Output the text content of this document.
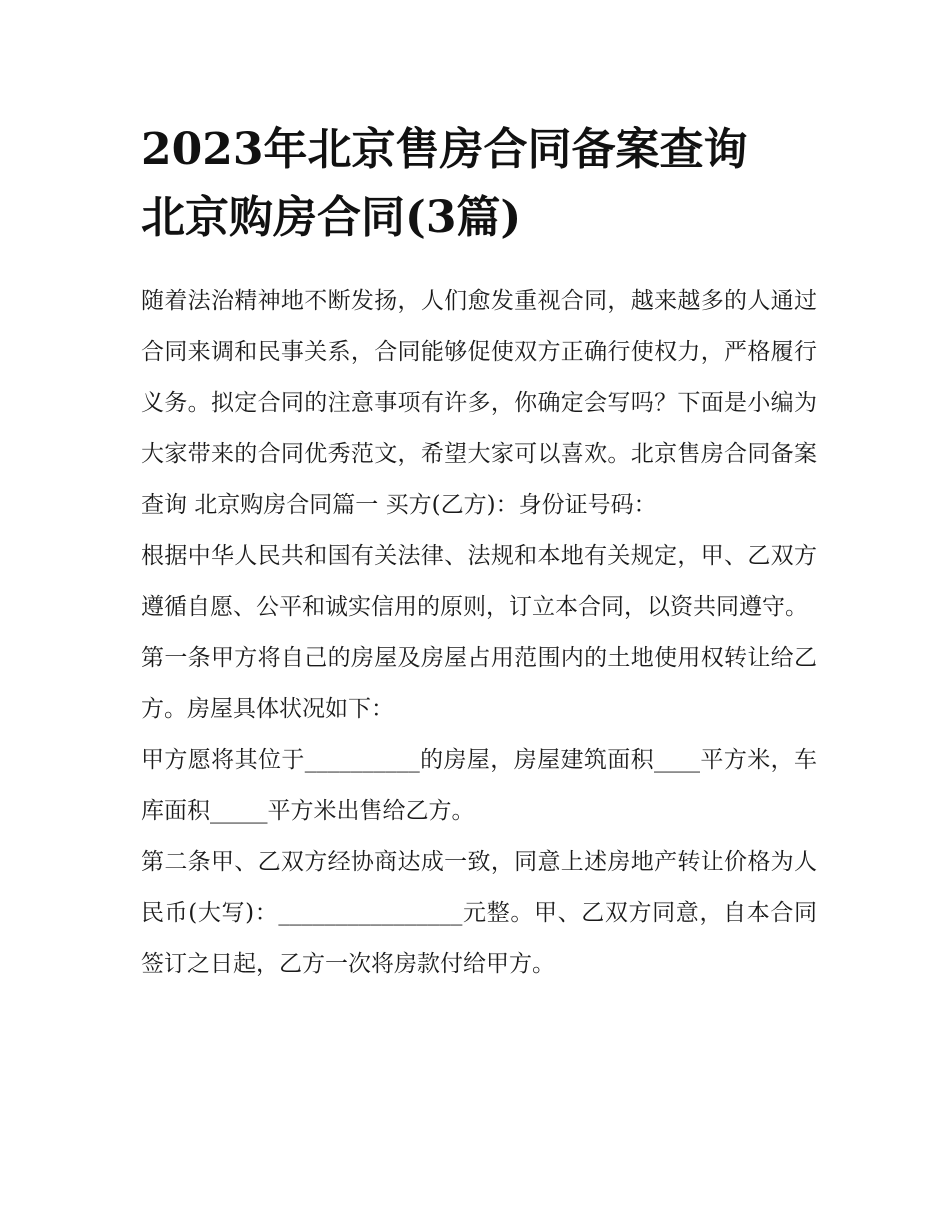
2023年北京售房合同备案查询
北京购房合同(3篇)

随着法治精神地不断发扬，人们愈发重视合同，越来越多的人通过合同来调和民事关系，合同能够促使双方正确行使权力，严格履行义务。拟定合同的注意事项有许多，你确定会写吗？下面是小编为大家带来的合同优秀范文，希望大家可以喜欢。北京售房合同备案查询 北京购房合同篇一 买方(乙方)：身份证号码：

根据中华人民共和国有关法律、法规和本地有关规定，甲、乙双方遵循自愿、公平和诚实信用的原则，订立本合同，以资共同遵守。

第一条甲方将自己的房屋及房屋占用范围内的土地使用权转让给乙方。房屋具体状况如下：

甲方愿将其位于__________的房屋，房屋建筑面积____平方米，车库面积_____平方米出售给乙方。

第二条甲、乙双方经协商达成一致，同意上述房地产转让价格为人民币(大写)：________________元整。甲、乙双方同意，自本合同签订之日起，乙方一次将房款付给甲方。
